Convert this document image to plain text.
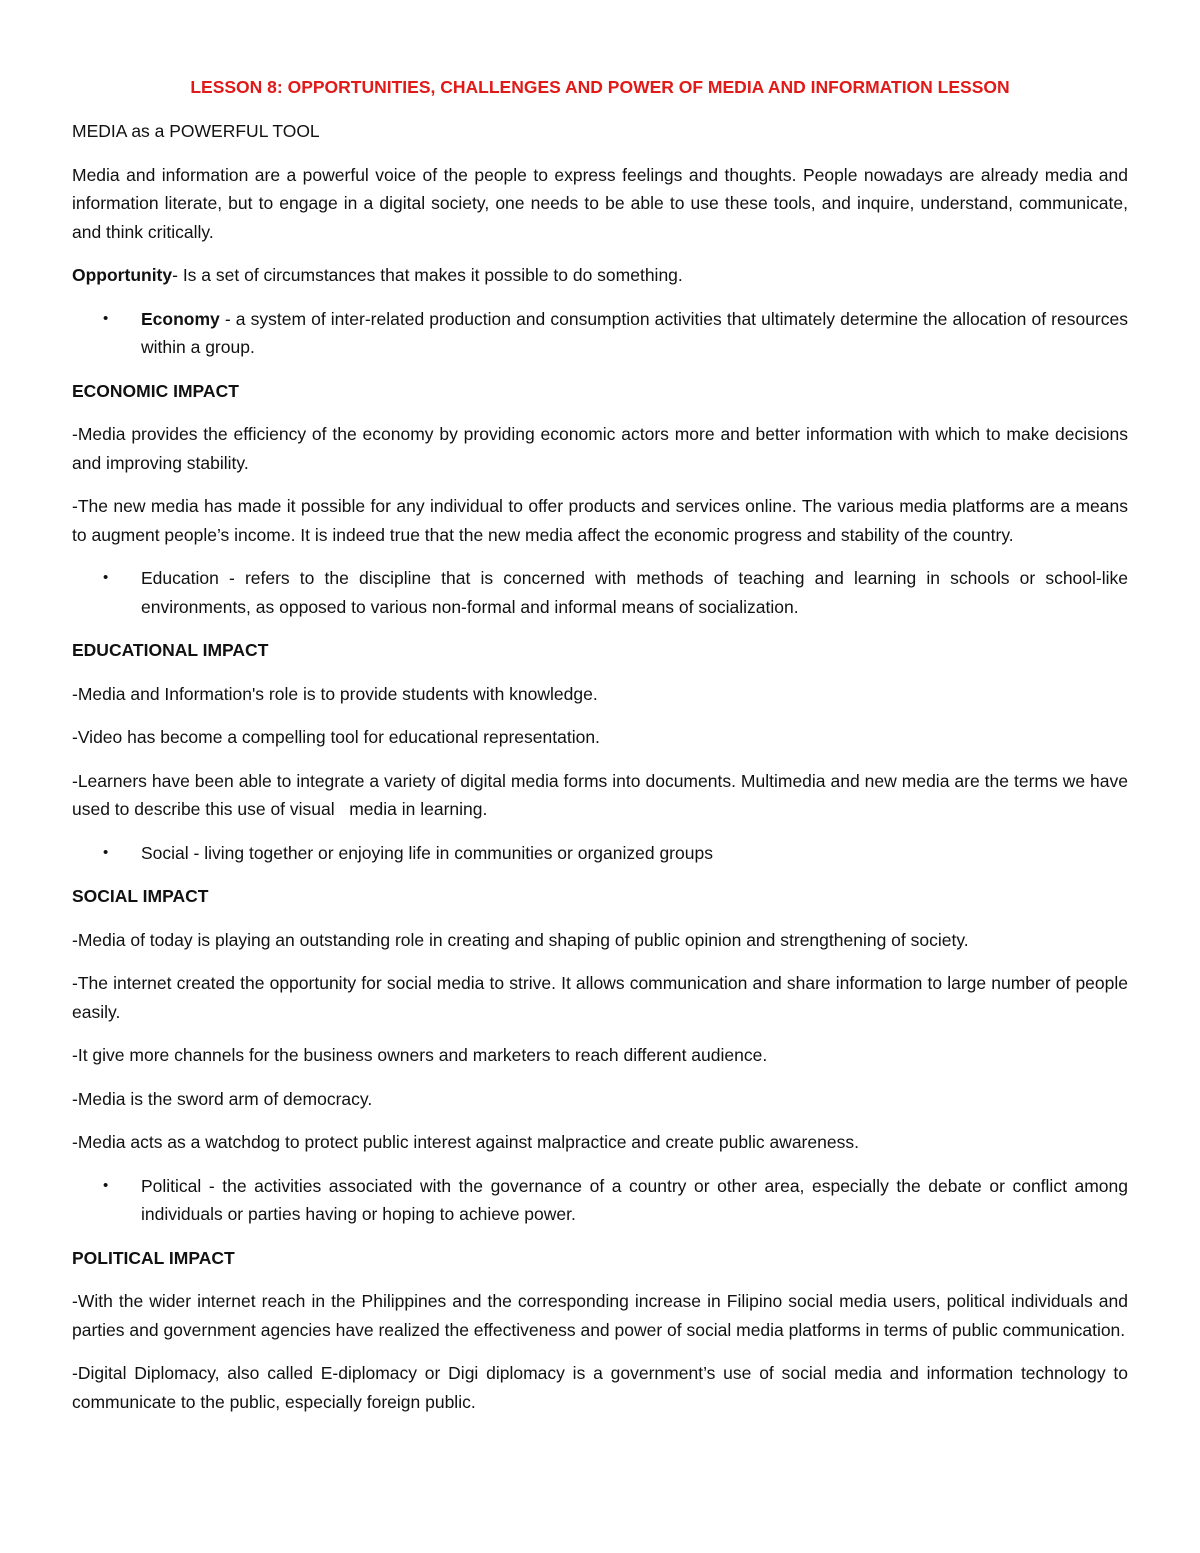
LESSON 8: OPPORTUNITIES, CHALLENGES AND POWER OF MEDIA AND INFORMATION LESSON

MEDIA as a POWERFUL TOOL

Media and information are a powerful voice of the people to express feelings and thoughts. People nowadays are already media and information literate, but to engage in a digital society, one needs to be able to use these tools, and inquire, understand, communicate, and think critically.

Opportunity- Is a set of circumstances that makes it possible to do something.

• Economy - a system of inter-related production and consumption activities that ultimately determine the allocation of resources within a group.

ECONOMIC IMPACT

-Media provides the efficiency of the economy by providing economic actors more and better information with which to make decisions and improving stability.

-The new media has made it possible for any individual to offer products and services online. The various media platforms are a means to augment people’s income. It is indeed true that the new media affect the economic progress and stability of the country.

• Education - refers to the discipline that is concerned with methods of teaching and learning in schools or school-like environments, as opposed to various non-formal and informal means of socialization.

EDUCATIONAL IMPACT

-Media and Information's role is to provide students with knowledge.

-Video has become a compelling tool for educational representation.

-Learners have been able to integrate a variety of digital media forms into documents. Multimedia and new media are the terms we have used to describe this use of visual   media in learning.

• Social - living together or enjoying life in communities or organized groups

SOCIAL IMPACT

-Media of today is playing an outstanding role in creating and shaping of public opinion and strengthening of society.

-The internet created the opportunity for social media to strive. It allows communication and share information to large number of people easily.

-It give more channels for the business owners and marketers to reach different audience.

-Media is the sword arm of democracy.

-Media acts as a watchdog to protect public interest against malpractice and create public awareness.

• Political - the activities associated with the governance of a country or other area, especially the debate or conflict among individuals or parties having or hoping to achieve power.

POLITICAL IMPACT

-With the wider internet reach in the Philippines and the corresponding increase in Filipino social media users, political individuals and parties and government agencies have realized the effectiveness and power of social media platforms in terms of public communication.

-Digital Diplomacy, also called E-diplomacy or Digi diplomacy is a government’s use of social media and information technology to communicate to the public, especially foreign public.
